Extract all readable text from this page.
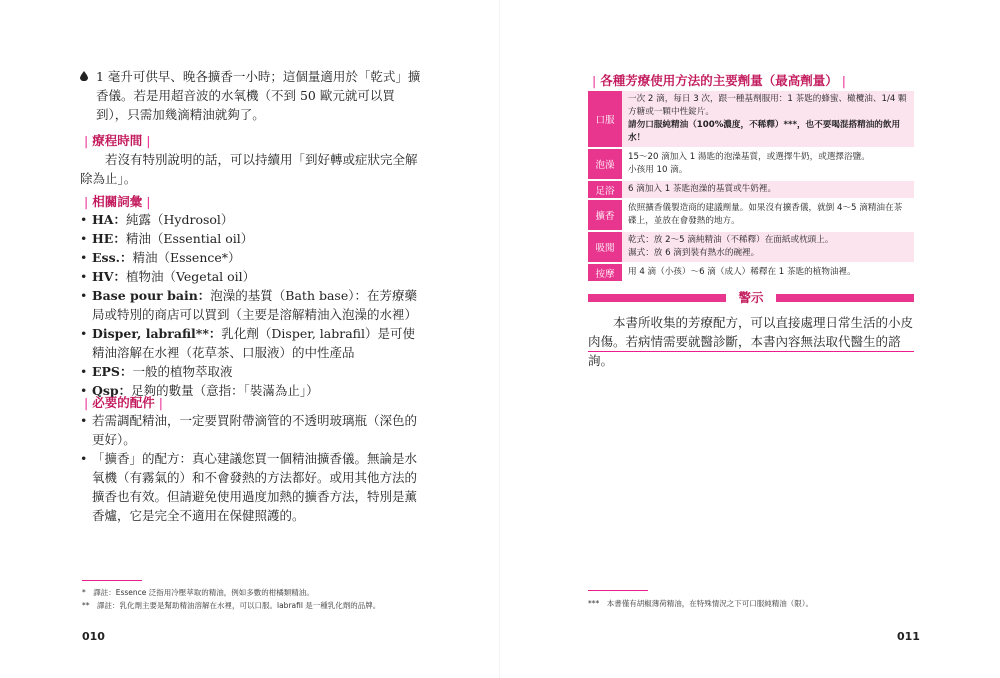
1 毫升可供早、晚各擴香一小時；這個量適用於「乾式」擴香儀。若是用超音波的水氧機（不到 50 歐元就可以買到），只需加幾滴精油就夠了。
| 療程時間 |
若沒有特別說明的話，可以持續用「到好轉或症狀完全解除為止」。
| 相關詞彙 |
• HA：純露（Hydrosol）
• HE：精油（Essential oil）
• Ess.：精油（Essence*）
• HV：植物油（Vegetal oil）
• Base pour bain：泡澡的基質（Bath base）：在芳療藥局或特別的商店可以買到（主要是溶解精油入泡澡的水裡）
• Disper, labrafil**：乳化劑（Disper, labrafil）是可使精油溶解在水裡（花草茶、口服液）的中性產品
• EPS：一般的植物萃取液
• Qsp：足夠的數量（意指：「裝滿為止」）
| 必要的配件 |
• 若需調配精油，一定要買附帶滴管的不透明玻璃瓶（深色的更好）。
• 「擴香」的配方：真心建議您買一個精油擴香儀。無論是水氧機（有霧氣的）和不會發熱的方法都好。或用其他方法的擴香也有效。但請避免使用過度加熱的擴香方法，特別是薰香爐，它是完全不適用在保健照護的。
*　譯註：Essence 泛指用冷壓萃取的精油，例如多數的柑橘類精油。
**　譯註：乳化劑主要是幫助精油溶解在水裡，可以口服。labrafil 是一種乳化劑的品牌。
010
| 各種芳療使用方法的主要劑量（最高劑量） |
口服	一次 2 滴，每日 3 次，跟一種基劑服用：1 茶匙的蜂蜜、橄欖油、1/4 顆方糖或一顆中性錠片。
請勿口服純精油（100%濃度，不稀釋）***，也不要喝混搭精油的飲用水！

泡澡	15～20 滴加入 1 湯匙的泡澡基質，或選擇牛奶，或選擇浴鹽。
小孩用 10 滴。

足浴	6 滴加入 1 茶匙泡澡的基質或牛奶裡。

擴香	依照擴香儀製造商的建議劑量。如果沒有擴香儀，就倒 4～5 滴精油在茶碟上，並放在會發熱的地方。

吸聞	乾式：放 2～5 滴純精油（不稀釋）在面紙或枕頭上。
濕式：放 6 滴到裝有熱水的碗裡。

按摩	用 4 滴（小孩）～6 滴（成人）稀釋在 1 茶匙的植物油裡。
警示
本書所收集的芳療配方，可以直接處理日常生活的小皮肉傷。若病情需要就醫診斷，本書內容無法取代醫生的諮詢。
***　本書僅有胡椒薄荷精油，在特殊情況之下可口服純精油（限）。
011
